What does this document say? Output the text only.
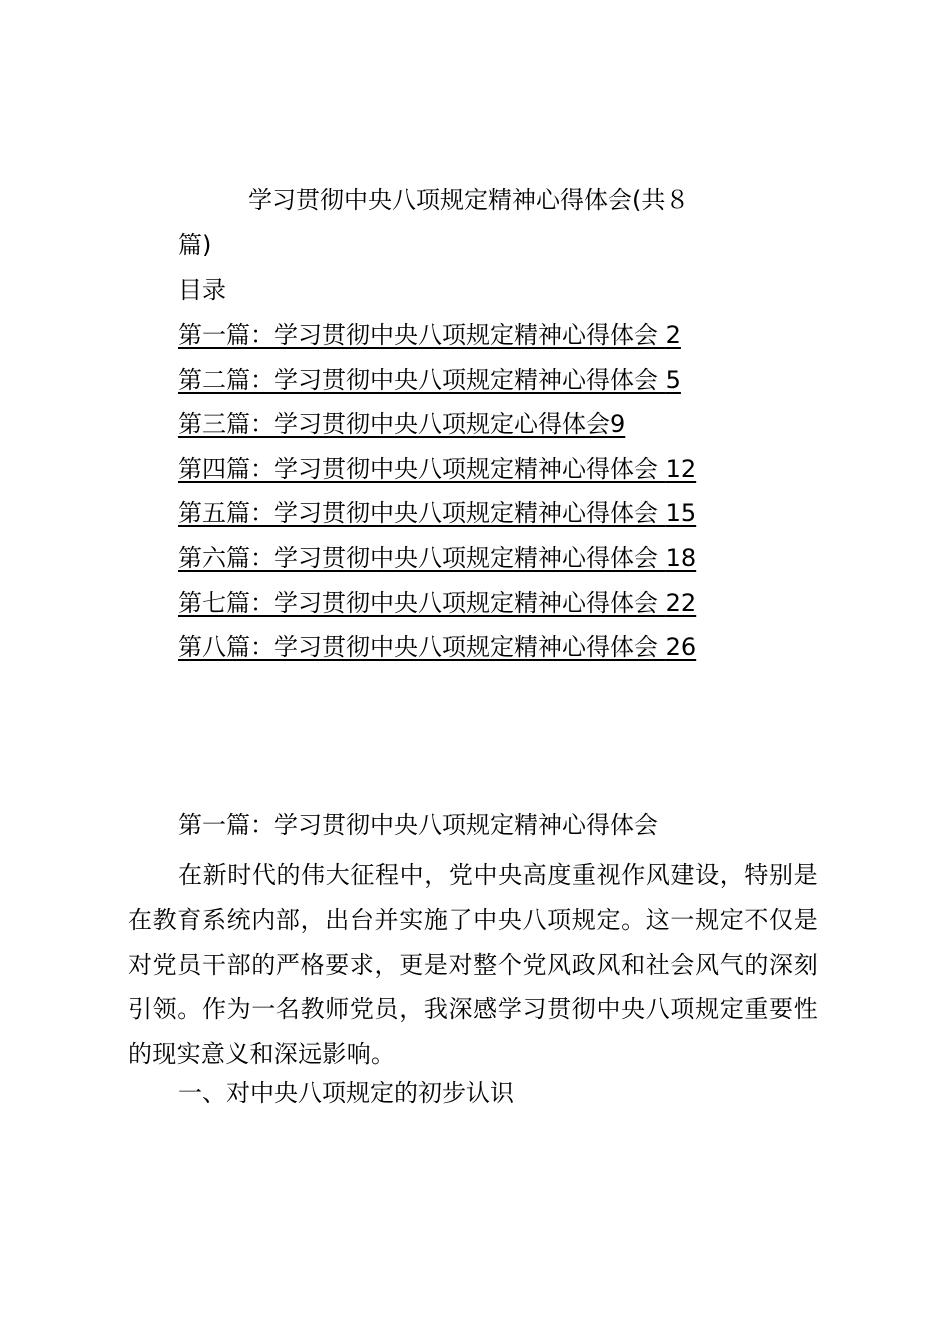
学习贯彻中央八项规定精神心得体会(共８
篇)
目录
第一篇：学习贯彻中央八项规定精神心得体会 2
第二篇：学习贯彻中央八项规定精神心得体会 5
第三篇：学习贯彻中央八项规定心得体会9
第四篇：学习贯彻中央八项规定精神心得体会 12
第五篇：学习贯彻中央八项规定精神心得体会 15
第六篇：学习贯彻中央八项规定精神心得体会 18
第七篇：学习贯彻中央八项规定精神心得体会 22
第八篇：学习贯彻中央八项规定精神心得体会 26
第一篇：学习贯彻中央八项规定精神心得体会

在新时代的伟大征程中，党中央高度重视作风建设，特别是在教育系统内部，出台并实施了中央八项规定。这一规定不仅是对党员干部的严格要求，更是对整个党风政风和社会风气的深刻引领。作为一名教师党员，我深感学习贯彻中央八项规定重要性的现实意义和深远影响。

一、对中央八项规定的初步认识
